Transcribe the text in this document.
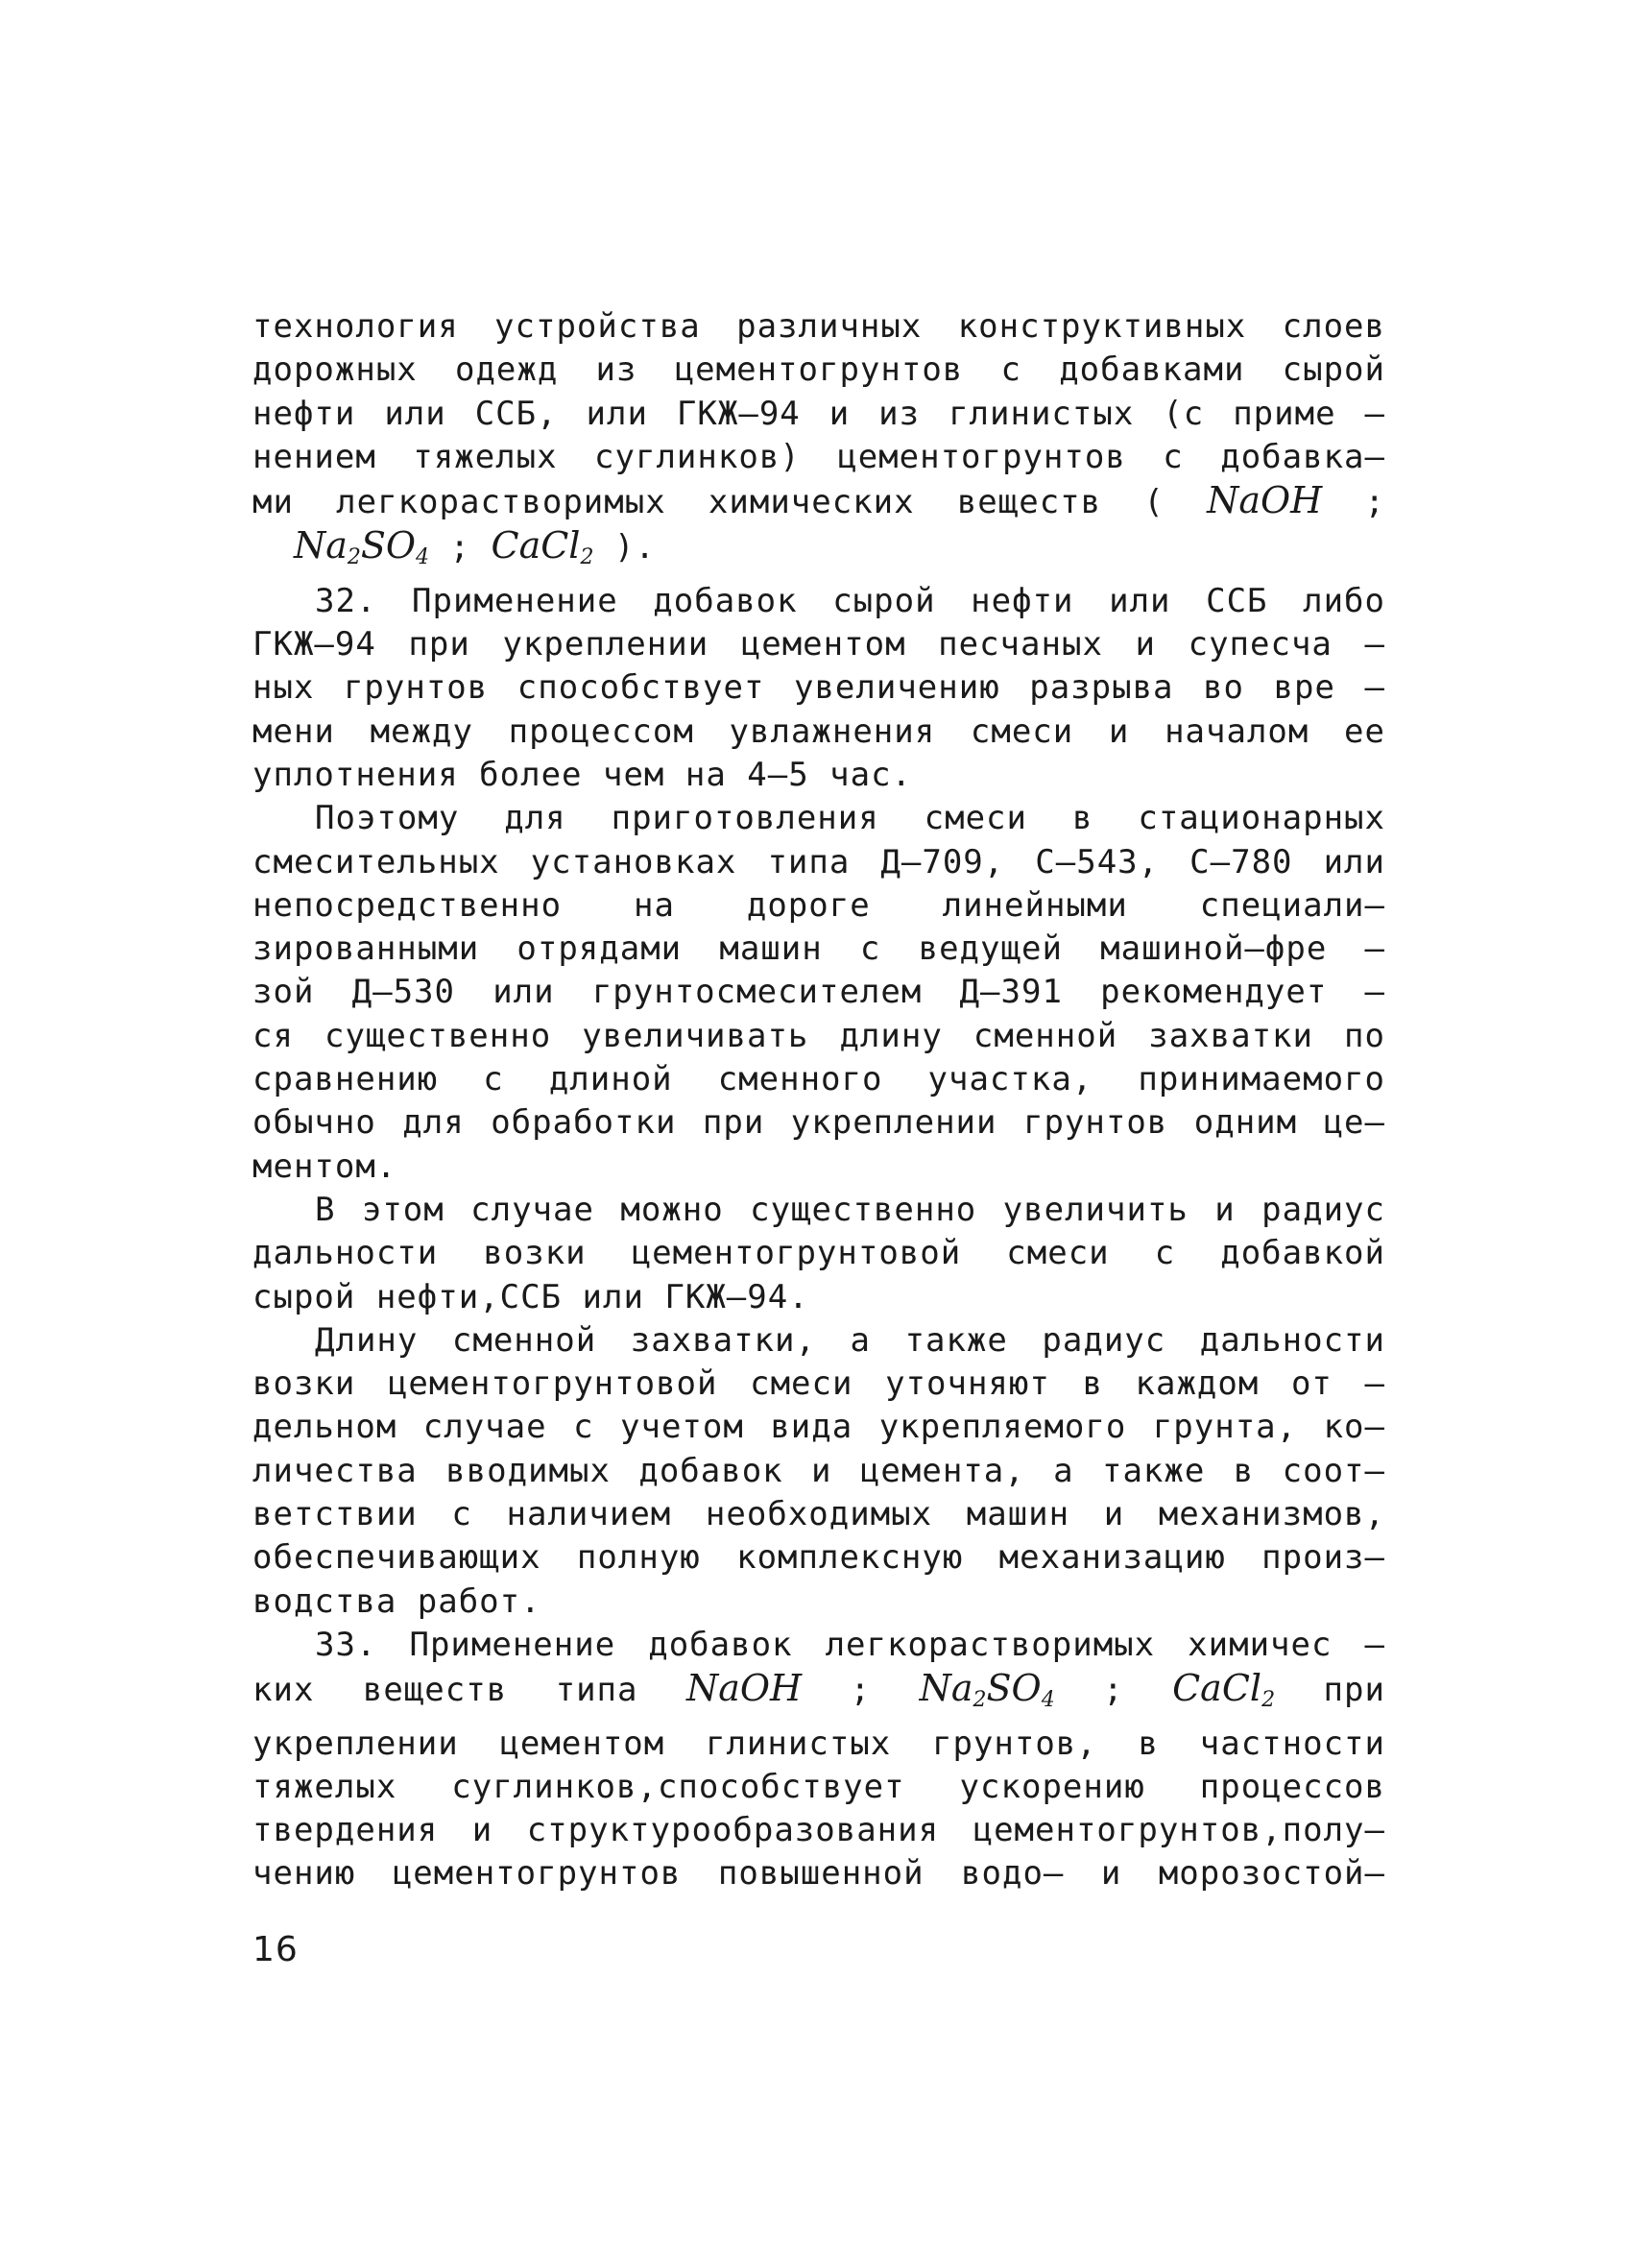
технология устройства различных конструктивных слоев
дорожных одежд из цементогрунтов с добавками сырой
нефти или ССБ, или ГКЖ–94 и из глинистых (с приме –
нением тяжелых суглинков) цементогрунтов с добавка–
ми легкорастворимых химических веществ ( NaOH ;
$Na_2SO_4$ ; CaCl$_2$ ).

32. Применение добавок сырой нефти или ССБ либо
ГКЖ–94 при укреплении цементом песчаных и супесча –
ных грунтов способствует увеличению разрыва во вре –
мени между процессом увлажнения смеси и началом ее
уплотнения более чем на 4–5 час.

Поэтому для приготовления смеси в стационарных
смесительных установках типа Д–709, С–543, С–780 или
непосредственно на дороге линейными специали–
зированными отрядами машин с ведущей машиной–фре –
зой Д–530 или грунтосмесителем Д–391 рекомендует –
ся существенно увеличивать длину сменной захватки по
сравнению с длиной сменного участка, принимаемого
обычно для обработки при укреплении грунтов одним це–
ментом.

В этом случае можно существенно увеличить и радиус
дальности возки цементогрунтовой смеси с добавкой
сырой нефти,ССБ или ГКЖ–94.

Длину сменной захватки, а также радиус дальности
возки цементогрунтовой смеси уточняют в каждом от –
дельном случае с учетом вида укрепляемого грунта, ко–
личества вводимых добавок и цемента, а также в соот–
ветствии с наличием необходимых машин и механизмов,
обеспечивающих полную комплексную механизацию произ–
водства работ.

33. Применение добавок легкорастворимых химичес –
ких веществ типа NaOH ; $Na_2SO_4$ ; CaCl$_2$ при
укреплении цементом глинистых грунтов, в частности
тяжелых суглинков,способствует ускорению процессов
твердения и структурообразования цементогрунтов,полу–
чению цементогрунтов повышенной водо– и морозостой–

16
